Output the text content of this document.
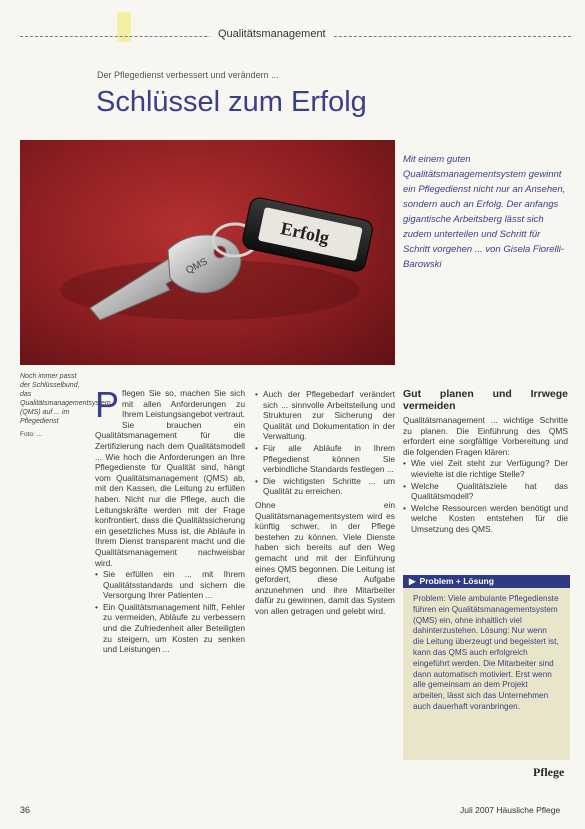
Qualitätsmanagement
Der Pflegedienst verbessert und verändern ...
Schlüssel zum Erfolg
QMS
Erfolg
Mit einem guten Qualitätsmanagementsystem gewinnt ein Pflegedienst nicht nur an Ansehen, sondern auch an Erfolg. Der anfangs gigantische Arbeitsberg lässt sich zudem unterteilen und Schritt für Schritt vorgehen ... von Gisela Fiorelli-Barowski
Noch immer passt der Schlüsselbund, das Qualitätsmanagementsystem (QMS) auf ... im Pflegedienst
Foto: ...
P flegen Sie so, machen Sie sich mit allen Anforderungen zu Ihrem Leistungsangebot vertraut. Sie brauchen ein Qualitätsmanagement für die Zertifizierung nach dem Qualitätsmodell ... Wie hoch die Anforderungen an Ihre Pflegedienste für Qualität sind, hängt vom Qualitätsmanagement (QMS) ab, mit den Kassen, die Leitung zu erfüllen haben. Nicht nur die Pflege, auch die Leitungskräfte werden mit der Frage konfrontiert, dass die Qualitätssicherung ein gesetzliches Muss ist, die Abläufe in Ihrem Dienst transparent macht und die Qualitätsmanagement nachweisbar wird.
• Sie erfüllen ein ... mit Ihrem Qualitätsstandards und sichern die Versorgung Ihrer Patienten ...
• Ein Qualitätsmanagement hilft, Fehler zu vermeiden, Abläufe zu verbessern und die Zufriedenheit aller Beteiligten zu steigern, um Kosten zu senken und Leistungen ...
• Auch der Pflegebedarf verändert sich ... sinnvolle Arbeitsteilung und Strukturen zur Sicherung der Qualität und Dokumentation in der Verwaltung.
• Für alle Abläufe in Ihrem Pflegedienst können Sie verbindliche Standards festlegen ...
• Die wichtigsten Schritte ... um Qualität zu erreichen.

Ohne ein Qualitätsmanagementsystem wird es künftig schwer, in der Pflege bestehen zu können. Viele Dienste haben sich bereits auf den Weg gemacht und mit der Einführung eines QMS begonnen. Die Leitung ist gefordert, diese Aufgabe anzunehmen und ihre Mitarbeiter dafür zu gewinnen, damit das System von allen getragen und gelebt wird.

Gut planen und Irrwege vermeiden

Qualitätsmanagement ... wichtige Schritte zu planen. Die Einführung des QMS erfordert eine sorgfältige Vorbereitung und die folgenden Fragen klären:

• Wie viel Zeit steht zur Verfügung? Der wievielte ist die richtige Stelle?
• Welche Qualitätsziele hat das Qualitätsmodell?
• Welche Ressourcen werden benötigt und welche Kosten entstehen für die Umsetzung des QMS.
▶ Problem + Lösung
Problem: Viele ambulante Pflegedienste führen ein Qualitätsmanagementsystem (QMS) ein, ohne inhaltlich viel dahinterzustehen. Lösung: Nur wenn die Leitung überzeugt und begeistert ist, kann das QMS auch erfolgreich eingeführt werden. Die Mitarbeiter sind dann automatisch motiviert. Erst wenn alle gemeinsam an dem Projekt arbeiten, lässt sich das Unternehmen auch dauerhaft voranbringen.
Pflege
36	Juli 2007 Häusliche Pflege
